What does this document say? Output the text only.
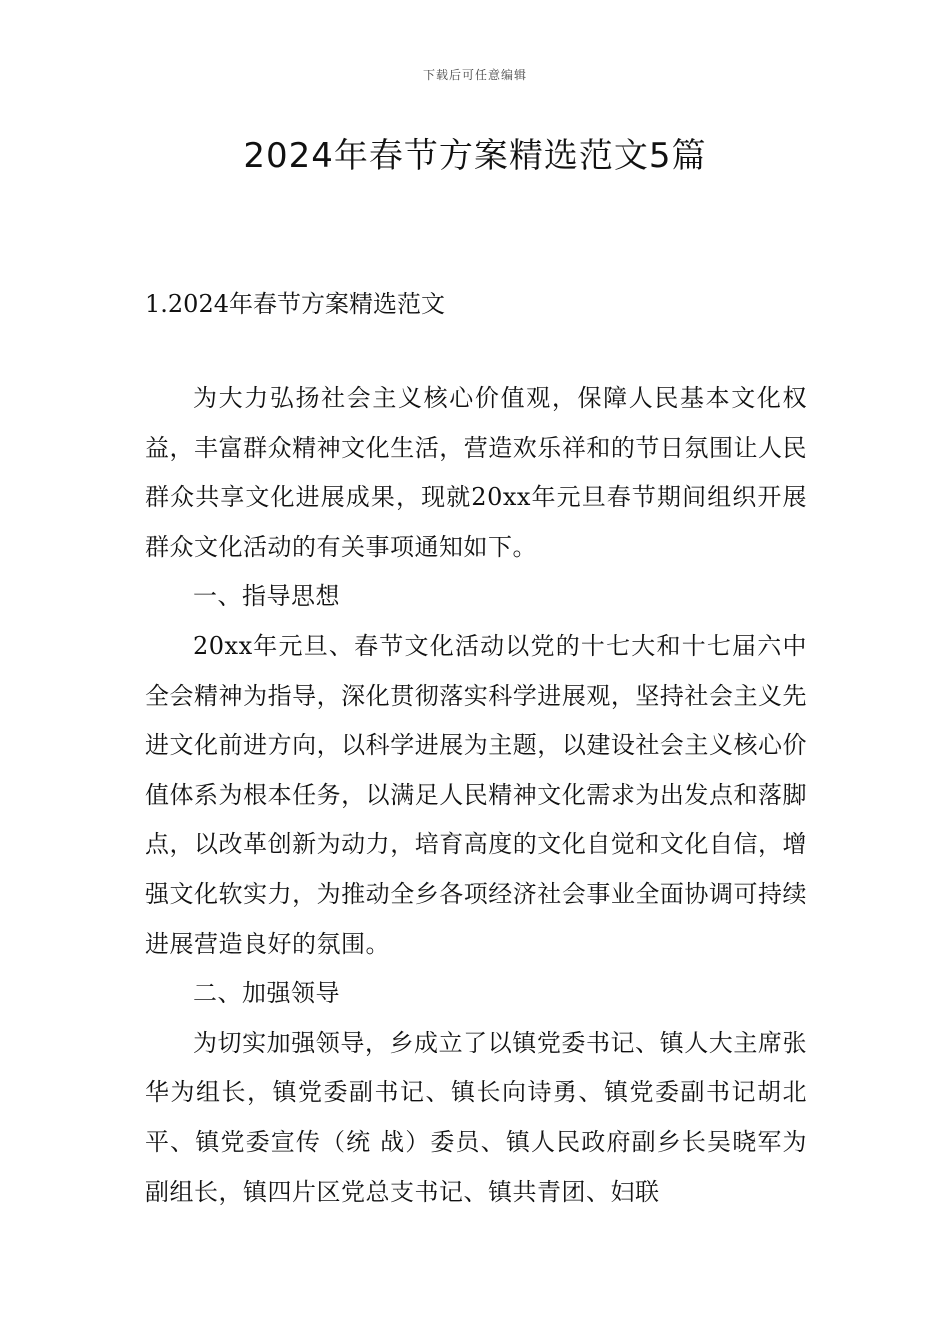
下载后可任意编辑
2024年春节方案精选范文5篇
1.2024年春节方案精选范文

为大力弘扬社会主义核心价值观，保障人民基本文化权益，丰富群众精神文化生活，营造欢乐祥和的节日氛围让人民群众共享文化进展成果，现就20xx年元旦春节期间组织开展群众文化活动的有关事项通知如下。

一、指导思想

20xx年元旦、春节文化活动以党的十七大和十七届六中全会精神为指导，深化贯彻落实科学进展观，坚持社会主义先进文化前进方向，以科学进展为主题，以建设社会主义核心价值体系为根本任务，以满足人民精神文化需求为出发点和落脚点，以改革创新为动力，培育高度的文化自觉和文化自信，增强文化软实力，为推动全乡各项经济社会事业全面协调可持续进展营造良好的氛围。

二、加强领导

为切实加强领导，乡成立了以镇党委书记、镇人大主席张华为组长，镇党委副书记、镇长向诗勇、镇党委副书记胡北平、镇党委宣传（统 战）委员、镇人民政府副乡长吴晓军为副组长，镇四片区党总支书记、镇共青团、妇联
